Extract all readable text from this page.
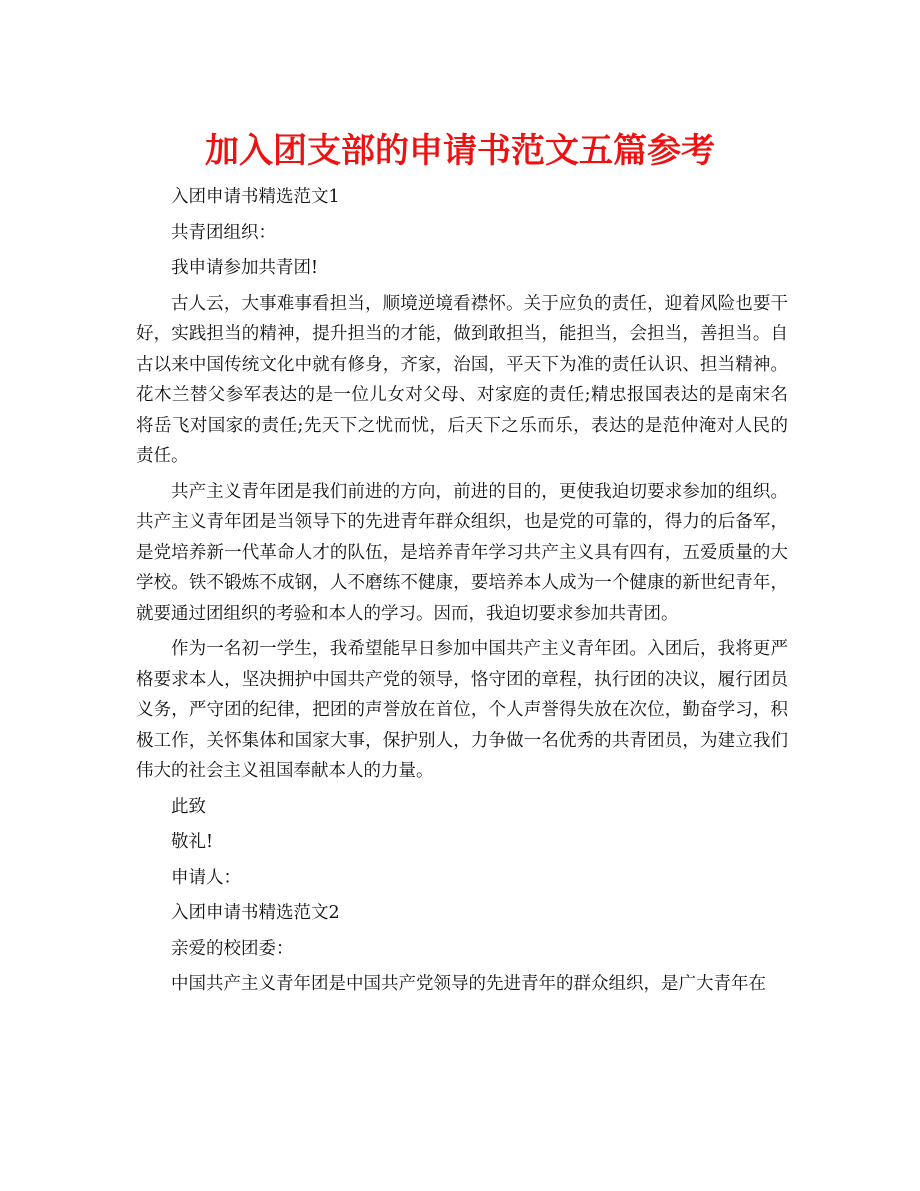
加入团支部的申请书范文五篇参考

入团申请书精选范文1

共青团组织：

我申请参加共青团!

古人云，大事难事看担当，顺境逆境看襟怀。关于应负的责任，迎着风险也要干好，实践担当的精神，提升担当的才能，做到敢担当，能担当，会担当，善担当。自古以来中国传统文化中就有修身，齐家，治国，平天下为准的责任认识、担当精神。花木兰替父参军表达的是一位儿女对父母、对家庭的责任;精忠报国表达的是南宋名将岳飞对国家的责任;先天下之忧而忧，后天下之乐而乐，表达的是范仲淹对人民的责任。

共产主义青年团是我们前进的方向，前进的目的，更使我迫切要求参加的组织。共产主义青年团是当领导下的先进青年群众组织，也是党的可靠的，得力的后备军，是党培养新一代革命人才的队伍，是培养青年学习共产主义具有四有，五爱质量的大学校。铁不锻炼不成钢，人不磨练不健康，要培养本人成为一个健康的新世纪青年，就要通过团组织的考验和本人的学习。因而，我迫切要求参加共青团。

作为一名初一学生，我希望能早日参加中国共产主义青年团。入团后，我将更严格要求本人，坚决拥护中国共产党的领导，恪守团的章程，执行团的决议，履行团员义务，严守团的纪律，把团的声誉放在首位，个人声誉得失放在次位，勤奋学习，积极工作，关怀集体和国家大事，保护别人，力争做一名优秀的共青团员，为建立我们伟大的社会主义祖国奉献本人的力量。

此致

敬礼!

申请人：

入团申请书精选范文2

亲爱的校团委：

中国共产主义青年团是中国共产党领导的先进青年的群众组织，是广大青年在
